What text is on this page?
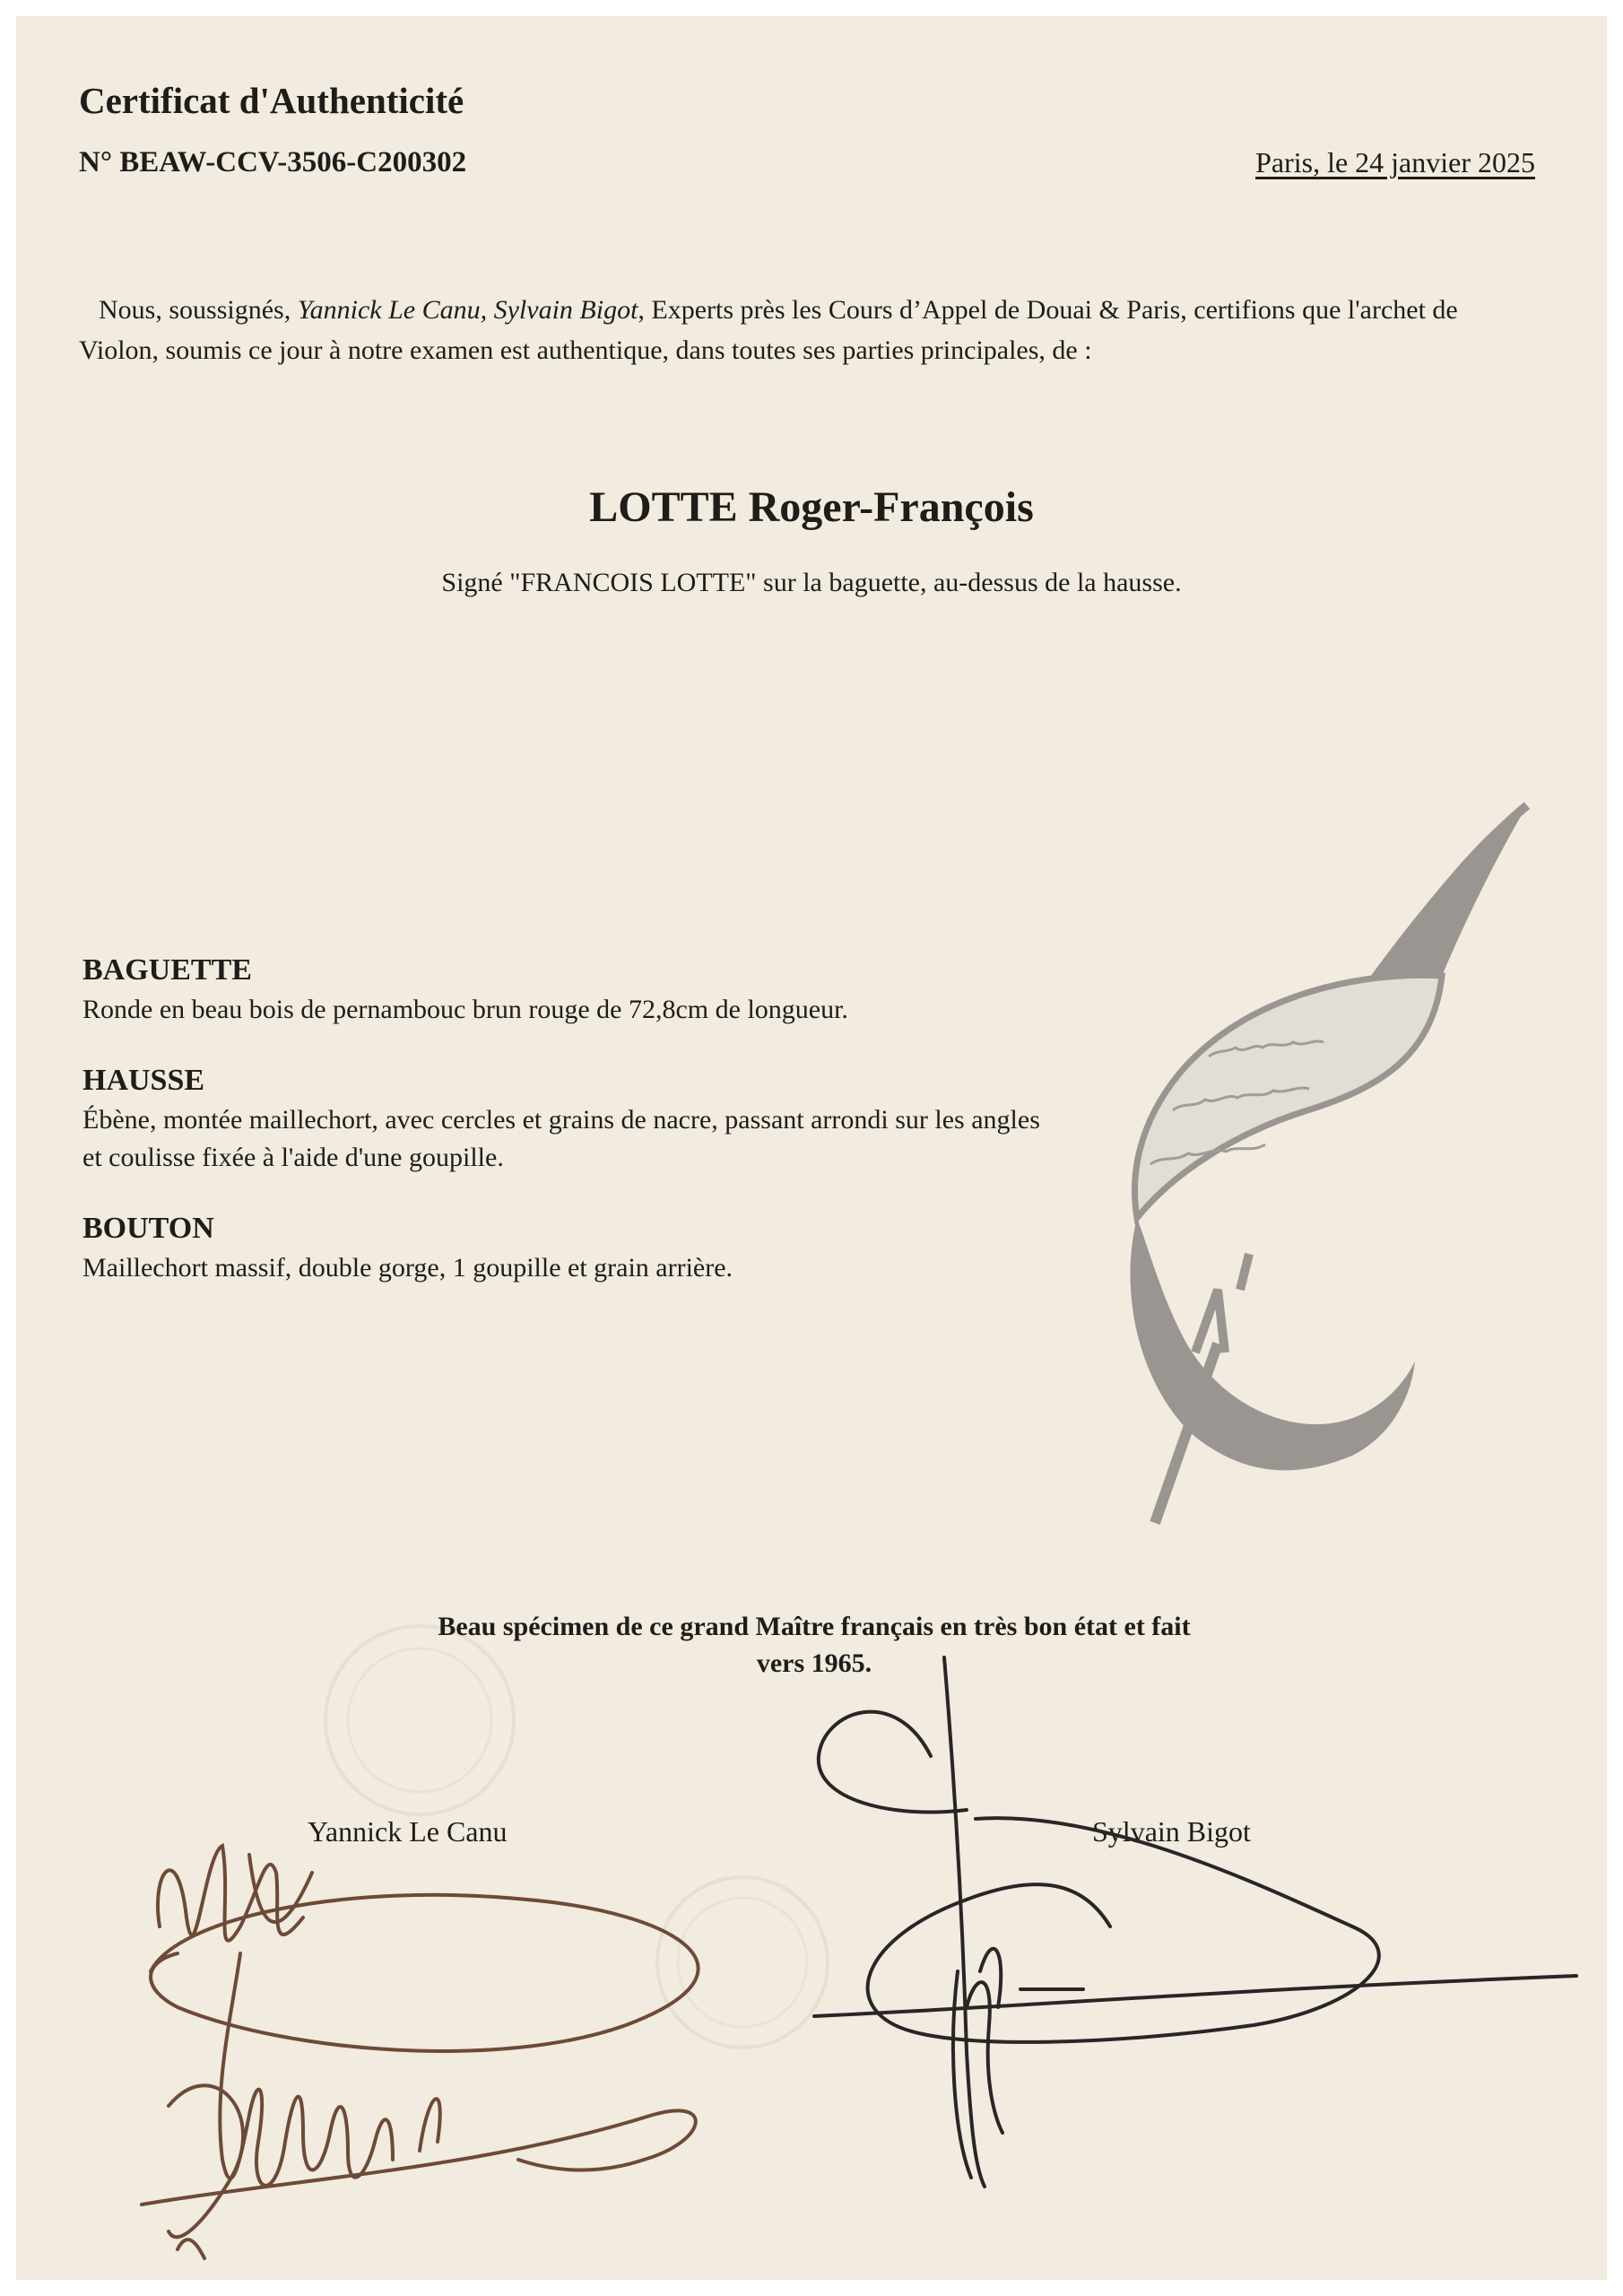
Certificat d'Authenticité
N° BEAW-CCV-3506-C200302	Paris, le 24 janvier 2025
Nous, soussignés, Yannick Le Canu, Sylvain Bigot, Experts près les Cours d’Appel de Douai & Paris, certifions que l'archet de Violon, soumis ce jour à notre examen est authentique, dans toutes ses parties principales, de :
LOTTE Roger-François
Signé "FRANCOIS LOTTE" sur la baguette, au-dessus de la hausse.
BAGUETTE
Ronde en beau bois de pernambouc brun rouge de 72,8cm de longueur.
HAUSSE
Ébène, montée maillechort, avec cercles et grains de nacre, passant arrondi sur les angles et coulisse fixée à l'aide d'une goupille.
BOUTON
Maillechort massif, double gorge, 1 goupille et grain arrière.
Beau spécimen de ce grand Maître français en très bon état et fait
vers 1965.
Yannick Le Canu	Sylvain Bigot
